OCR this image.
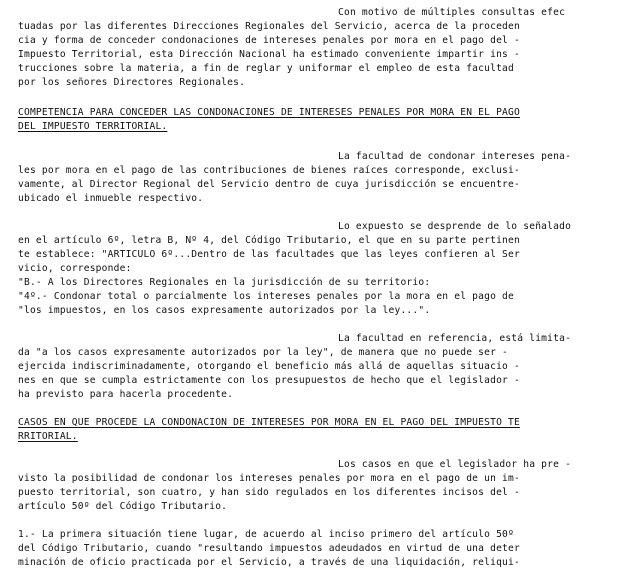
Con motivo de múltiples consultas efec
tuadas por las diferentes Direcciones Regionales del Servicio, acerca de la proceden
cia y forma de conceder condonaciones de intereses penales por mora en el pago del -
Impuesto Territorial, esta Dirección Nacional ha estimado conveniente impartir ins -
trucciones sobre la materia, a fin de reglar y uniformar el empleo de esta facultad
por los señores Directores Regionales.
COMPETENCIA PARA CONCEDER LAS CONDONACIONES DE INTERESES PENALES POR MORA EN EL PAGO
DEL IMPUESTO TERRITORIAL.
La facultad de condonar intereses pena-
les por mora en el pago de las contribuciones de bienes raíces corresponde, exclusi-
vamente, al Director Regional del Servicio dentro de cuya jurisdicción se encuentre-
ubicado el inmueble respectivo.
Lo expuesto se desprende de lo señalado
en el artículo 6º, letra B, Nº 4, del Código Tributario, el que en su parte pertinen
te establece: "ARTICULO 6º...Dentro de las facultades que las leyes confieren al Ser
vicio, corresponde:
"B.- A los Directores Regionales en la jurisdicción de su territorio:
"4º.- Condonar total o parcialmente los intereses penales por la mora en el pago de
"los impuestos, en los casos expresamente autorizados por la ley...".
La facultad en referencia, está limita-
da "a los casos expresamente autorizados por la ley", de manera que no puede ser -
ejercida indiscriminadamente, otorgando el beneficio más allá de aquellas situacio -
nes en que se cumpla estrictamente con los presupuestos de hecho que el legislador -
ha previsto para hacerla procedente.
CASOS EN QUE PROCEDE LA CONDONACION DE INTERESES POR MORA EN EL PAGO DEL IMPUESTO TE
RRITORIAL.
Los casos en que el legislador ha pre -
visto la posibilidad de condonar los intereses penales por mora en el pago de un im-
puesto territorial, son cuatro, y han sido regulados en los diferentes incisos del -
artículo 50º del Código Tributario.
1.- La primera situación tiene lugar, de acuerdo al inciso primero del artículo 50º
del Código Tributario, cuando "resultando impuestos adeudados en virtud de una deter
minación de oficio practicada por el Servicio, a través de una liquidación, reliqui-
